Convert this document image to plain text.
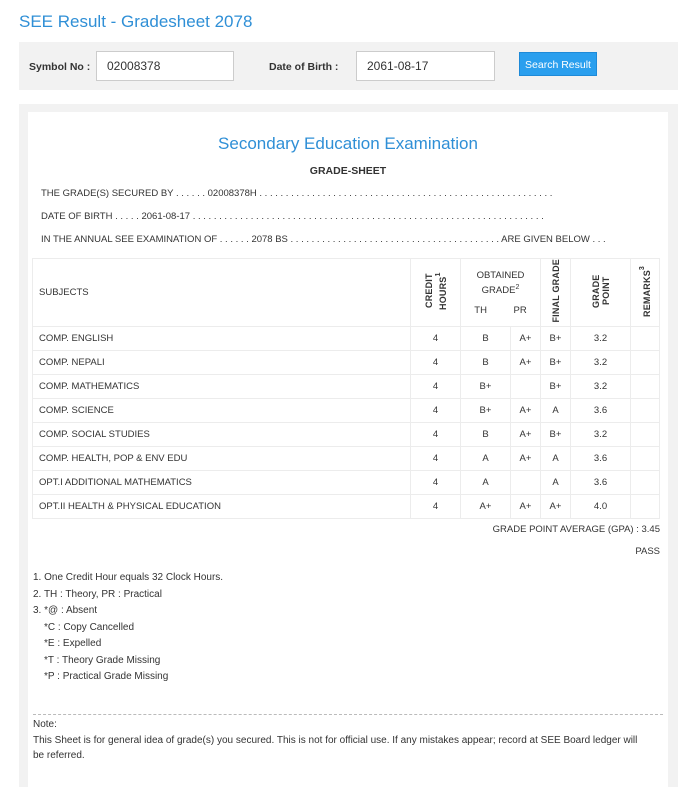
SEE Result - Gradesheet 2078
Symbol No :
02008378	Date of Birth :
2061-08-17	Search Result
Secondary Education Examination
GRADE-SHEET
THE GRADE(S) SECURED BY . . . . . . 02008378H . . . . . . . . . . . . . . . . . . . . . . . . . . . . . . . . . . . . . . . . . . . . . . . . . . . . . . . .
DATE OF BIRTH . . . . . 2061-08-17 . . . . . . . . . . . . . . . . . . . . . . . . . . . . . . . . . . . . . . . . . . . . . . . . . . . . . . . . . . . . . . . . . . .
IN THE ANNUAL SEE EXAMINATION OF . . . . . . 2078 BS . . . . . . . . . . . . . . . . . . . . . . . . . . . . . . . . . . . . . . . . ARE GIVEN BELOW . . .
SUBJECTS	CREDIT HOURS$^1$	OBTAINED GRADE$^2$
TH PR		FINAL GRADE	GRADE POINT	REMARKS$^3$
COMP. ENGLISH	4	B	A+	B+	3.2	
COMP. NEPALI	4	B	A+	B+	3.2	
COMP. MATHEMATICS	4	B+		B+	3.2	
COMP. SCIENCE	4	B+	A+	A	3.6	
COMP. SOCIAL STUDIES	4	B	A+	B+	3.2	
COMP. HEALTH, POP & ENV EDU	4	A	A+	A	3.6	
OPT.I ADDITIONAL MATHEMATICS	4	A		A	3.6	
OPT.II HEALTH & PHYSICAL EDUCATION	4	A+	A+	A+	4.0	
GRADE POINT AVERAGE (GPA) : 3.45
PASS
1. One Credit Hour equals 32 Clock Hours.
2. TH : Theory, PR : Practical
3. *@ : Absent
*C : Copy Cancelled
*E : Expelled
*T : Theory Grade Missing
*P : Practical Grade Missing
Note:
This Sheet is for general idea of grade(s) you secured. This is not for official use. If any mistakes appear; record at SEE Board ledger will be referred.
